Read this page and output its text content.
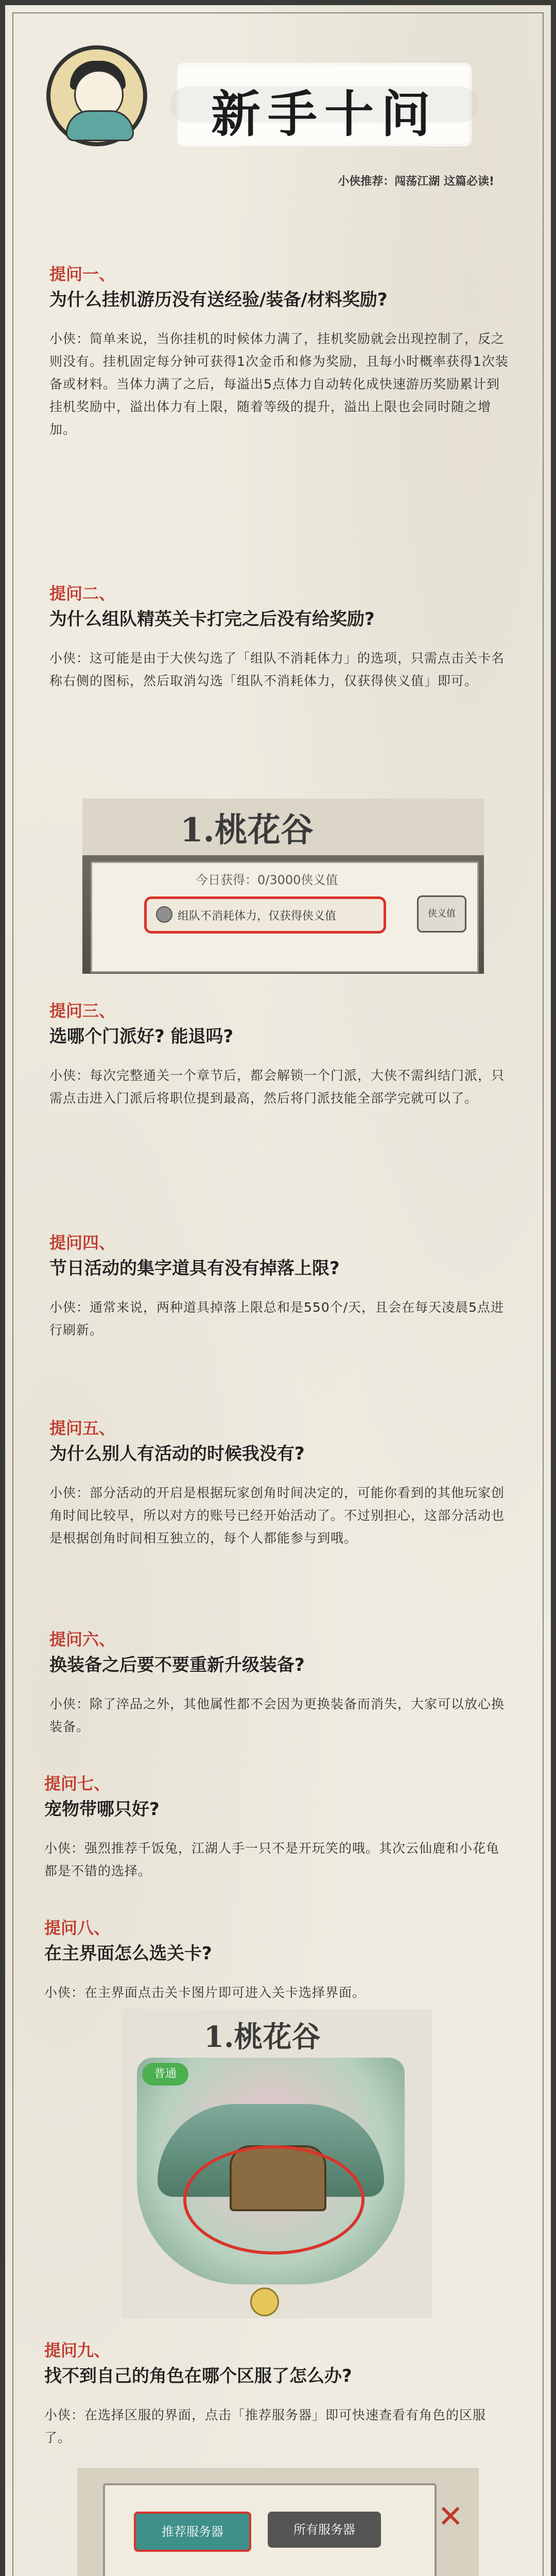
新手十问
小侠推荐：闯荡江湖 这篇必读!
提问一、
为什么挂机游历没有送经验/装备/材料奖励?
小侠：简单来说，当你挂机的时候体力满了，挂机奖励就会出现控制了，反之则没有。挂机固定每分钟可获得1次金币和修为奖励，且每小时概率获得1次装备或材料。当体力满了之后，每溢出5点体力自动转化成快速游历奖励累计到挂机奖励中，溢出体力有上限，随着等级的提升，溢出上限也会同时随之增加。
提问二、
为什么组队精英关卡打完之后没有给奖励?
小侠：这可能是由于大侠勾选了「组队不消耗体力」的选项，只需点击关卡名称右侧的图标，然后取消勾选「组队不消耗体力，仅获得侠义值」即可。
1.桃花谷
今日获得：0/3000侠义值
组队不消耗体力，仅获得侠义值	侠义值
提问三、
选哪个门派好? 能退吗?
小侠：每次完整通关一个章节后，都会解锁一个门派，大侠不需纠结门派，只需点击进入门派后将职位提到最高，然后将门派技能全部学完就可以了。
提问四、
节日活动的集字道具有没有掉落上限?
小侠：通常来说，两种道具掉落上限总和是550个/天，且会在每天凌晨5点进行刷新。
提问五、
为什么别人有活动的时候我没有?
小侠：部分活动的开启是根据玩家创角时间决定的，可能你看到的其他玩家创角时间比较早，所以对方的账号已经开始活动了。不过别担心，这部分活动也是根据创角时间相互独立的，每个人都能参与到哦。
提问六、
换装备之后要不要重新升级装备?
小侠：除了淬品之外，其他属性都不会因为更换装备而消失，大家可以放心换装备。
提问七、
宠物带哪只好?
小侠：强烈推荐千饭兔，江湖人手一只不是开玩笑的哦。其次云仙鹿和小花龟都是不错的选择。
提问八、
在主界面怎么选关卡?
小侠：在主界面点击关卡图片即可进入关卡选择界面。
1.桃花谷
普通
提问九、
找不到自己的角色在哪个区服了怎么办?
小侠：在选择区服的界面，点击「推荐服务器」即可快速查看有角色的区服了。
推荐服务器	所有服务器	✕
